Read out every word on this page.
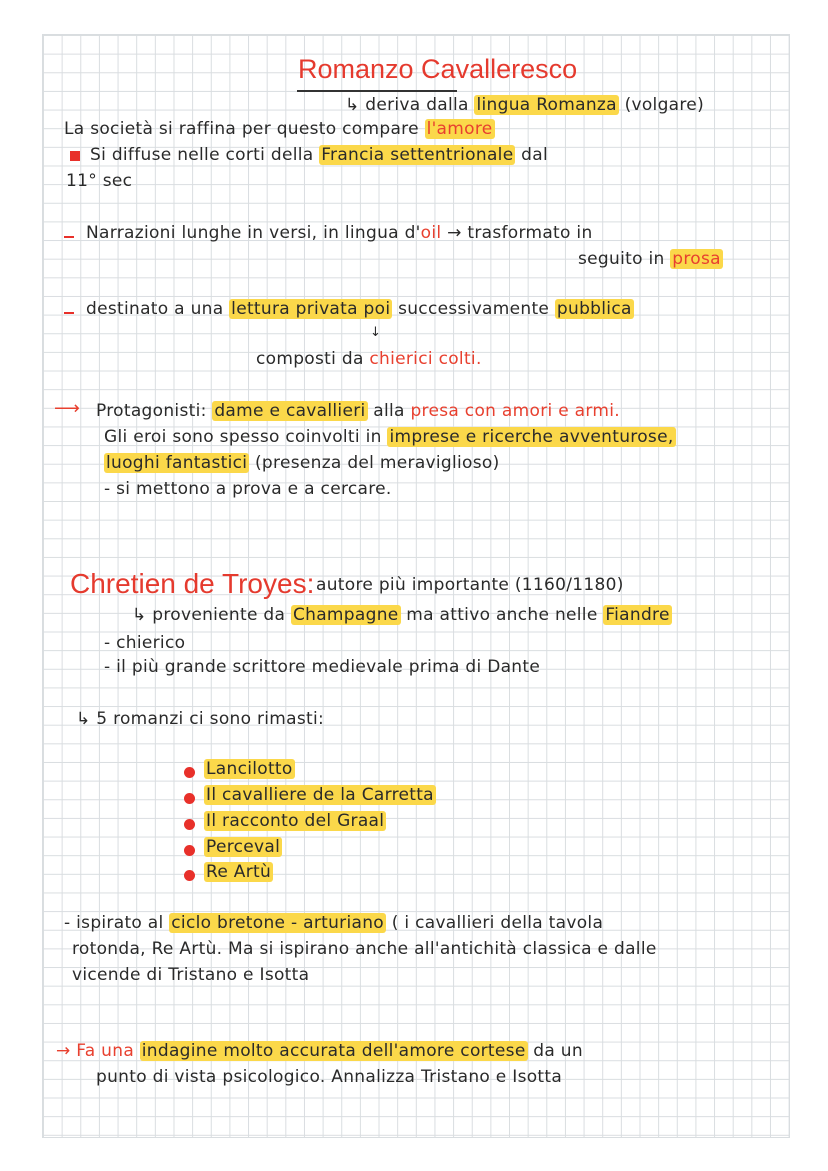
Romanzo Cavalleresco
↳ deriva dalla lingua Romanza (volgare)
La società si raffina per questo compare l'amore
Si diffuse nelle corti della Francia settentrionale dal
11° sec
Narrazioni lunghe in versi, in lingua d'oil → trasformato in
seguito in prosa
destinato a una lettura privata poi successivamente pubblica
↓
composti da chierici colti.
⟶ Protagonisti: dame e cavallieri alla presa con amori e armi.
Gli eroi sono spesso coinvolti in imprese e ricerche avventurose,
luoghi fantastici (presenza del meraviglioso)
- si mettono a prova e a cercare.
Chretien de Troyes: autore più importante (1160/1180)
↳ proveniente da Champagne ma attivo anche nelle Fiandre
- chierico
- il più grande scrittore medievale prima di Dante
↳ 5 romanzi ci sono rimasti:
Lancilotto
Il cavalliere de la Carretta
Il racconto del Graal
Perceval
Re Artù
- ispirato al ciclo bretone - arturiano ( i cavallieri della tavola
rotonda, Re Artù. Ma si ispirano anche all'antichità classica e dalle
vicende di Tristano e Isotta
→ Fa una indagine molto accurata dell'amore cortese da un
punto di vista psicologico. Annalizza Tristano e Isotta
